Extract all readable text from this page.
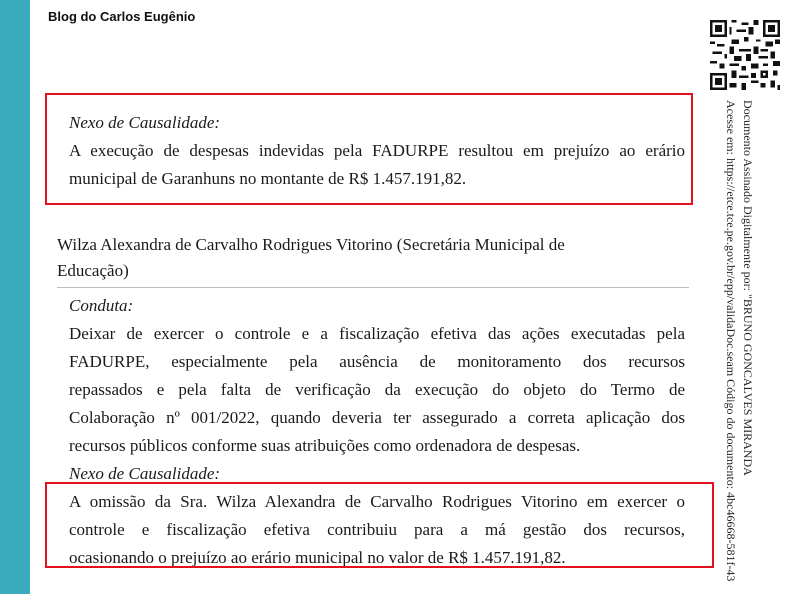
Blog do Carlos Eugênio
Documento Assinado Digitalmente por: "BRUNO GONCALVES MIRANDA
Acesse em: https://etce.tce.pe.gov.br/epp/validaDoc.seam Código do documento: 4bc46668-581f-43
Nexo de Causalidade:
A execução de despesas indevidas pela FADURPE resultou em prejuízo ao erário
municipal de Garanhuns no montante de R$ 1.457.191,82.
Wilza Alexandra de Carvalho Rodrigues Vitorino (Secretária Municipal de
Educação)
Conduta:
Deixar de exercer o controle e a fiscalização efetiva das ações executadas pela
FADURPE, especialmente pela ausência de monitoramento dos recursos
repassados e pela falta de verificação da execução do objeto do Termo de
Colaboração nº 001/2022, quando deveria ter assegurado a correta aplicação dos
recursos públicos conforme suas atribuições como ordenadora de despesas.
Nexo de Causalidade:
A omissão da Sra. Wilza Alexandra de Carvalho Rodrigues Vitorino em exercer o
controle e fiscalização efetiva contribuiu para a má gestão dos recursos,
ocasionando o prejuízo ao erário municipal no valor de R$ 1.457.191,82.
